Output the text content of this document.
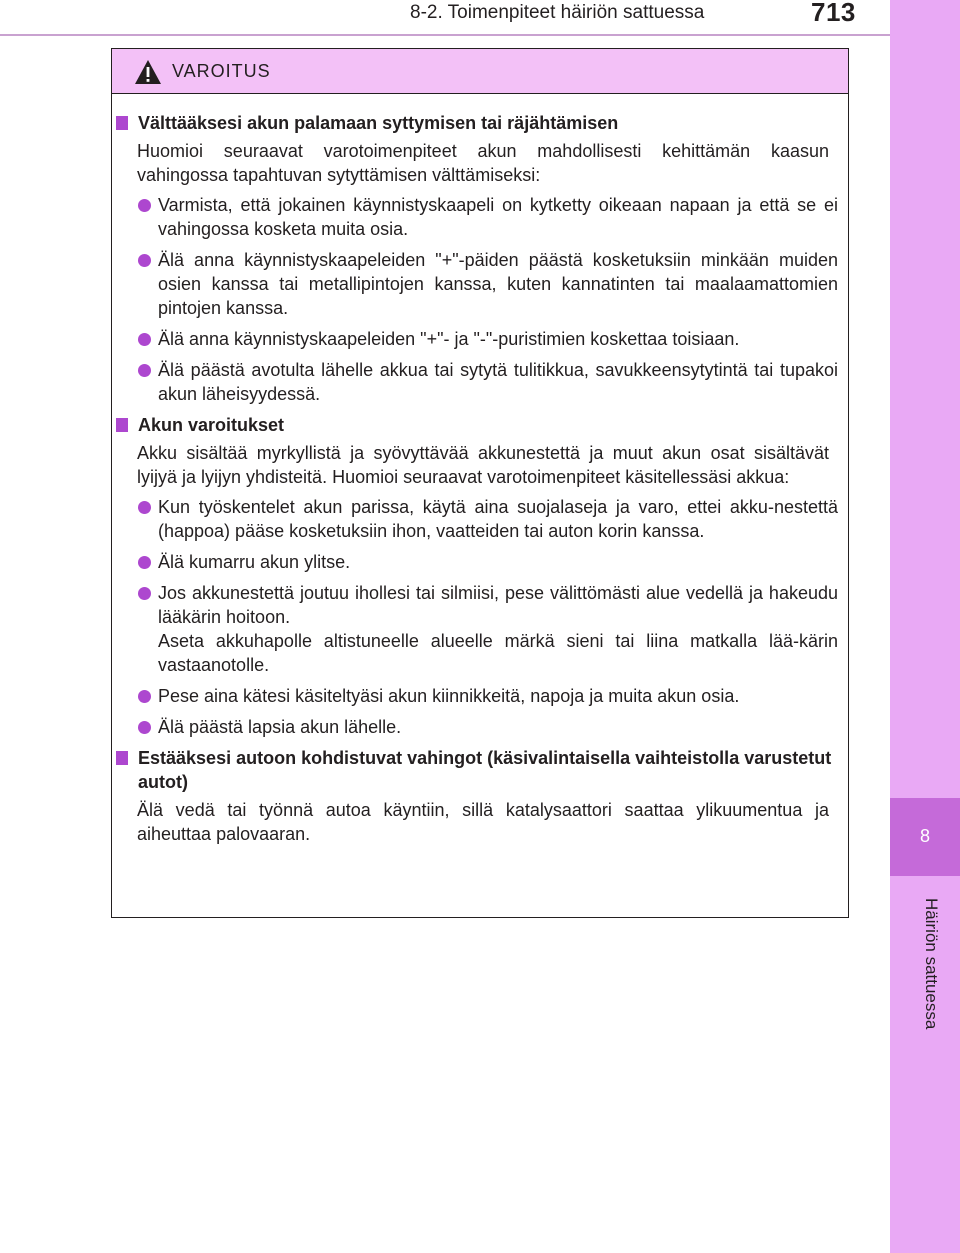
8-2. Toimenpiteet häiriön sattuessa	713
8
Häiriön sattuessa
VAROITUS
Välttääksesi akun palamaan syttymisen tai räjähtämisen
Huomioi seuraavat varotoimenpiteet akun mahdollisesti kehittämän kaasun vahingossa tapahtuvan sytyttämisen välttämiseksi:
Varmista, että jokainen käynnistyskaapeli on kytketty oikeaan napaan ja että se ei vahingossa kosketa muita osia.
Älä anna käynnistyskaapeleiden "+"-päiden päästä kosketuksiin minkään muiden osien kanssa tai metallipintojen kanssa, kuten kannatinten tai maalaamattomien pintojen kanssa.
Älä anna käynnistyskaapeleiden "+"- ja "-"-puristimien koskettaa toisiaan.
Älä päästä avotulta lähelle akkua tai sytytä tulitikkua, savukkeensytytintä tai tupakoi akun läheisyydessä.
Akun varoitukset
Akku sisältää myrkyllistä ja syövyttävää akkunestettä ja muut akun osat sisältävät lyijyä ja lyijyn yhdisteitä. Huomioi seuraavat varotoimenpiteet käsitellessäsi akkua:
Kun työskentelet akun parissa, käytä aina suojalaseja ja varo, ettei akku-nestettä (happoa) pääse kosketuksiin ihon, vaatteiden tai auton korin kanssa.
Älä kumarru akun ylitse.
Jos akkunestettä joutuu ihollesi tai silmiisi, pese välittömästi alue vedellä ja hakeudu lääkärin hoitoon.
Aseta akkuhapolle altistuneelle alueelle märkä sieni tai liina matkalla lää-kärin vastaanotolle.
Pese aina kätesi käsiteltyäsi akun kiinnikkeitä, napoja ja muita akun osia.
Älä päästä lapsia akun lähelle.
Estääksesi autoon kohdistuvat vahingot (käsivalintaisella vaihteistolla varustetut autot)
Älä vedä tai työnnä autoa käyntiin, sillä katalysaattori saattaa ylikuumentua ja aiheuttaa palovaaran.
